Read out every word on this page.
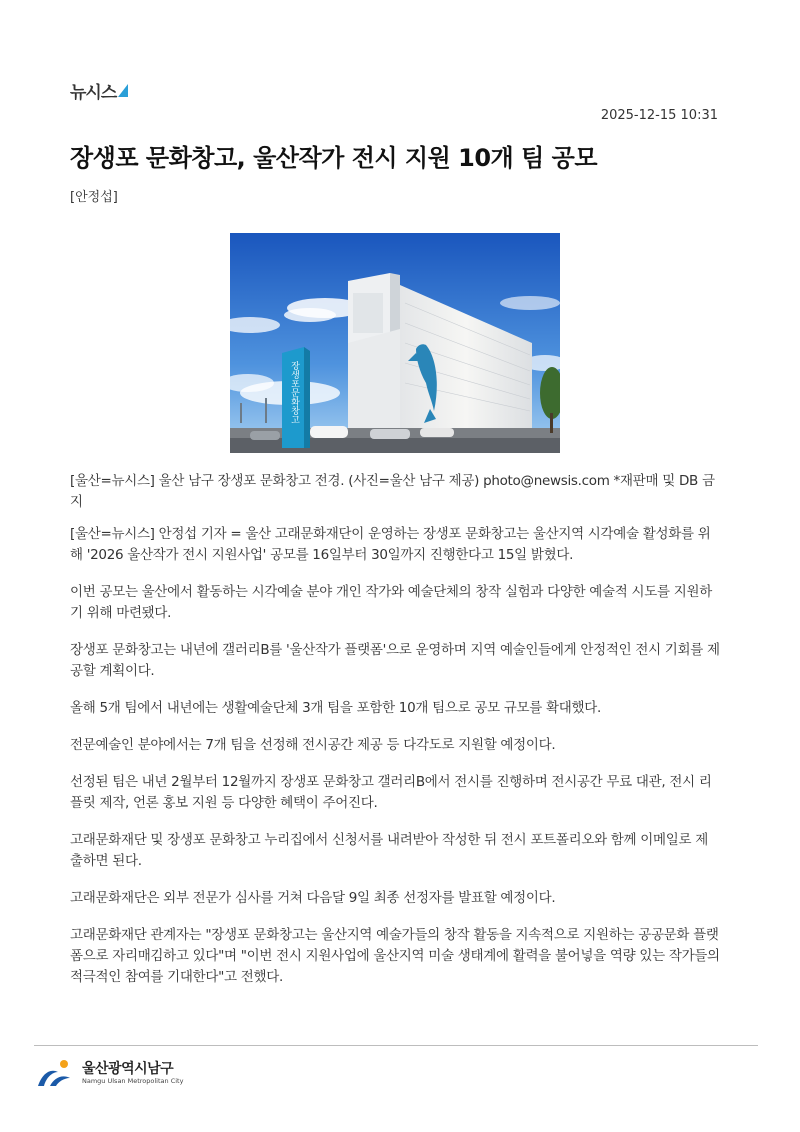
뉴시스
2025-12-15 10:31
장생포 문화창고, 울산작가 전시 지원 10개 팀 공모
[안정섭]
장생포문화창고
[울산=뉴시스] 울산 남구 장생포 문화창고 전경. (사진=울산 남구 제공) photo@newsis.com *재판매 및 DB 금지

[울산=뉴시스] 안정섭 기자 = 울산 고래문화재단이 운영하는 장생포 문화창고는 울산지역 시각예술 활성화를 위해 '2026 울산작가 전시 지원사업' 공모를 16일부터 30일까지 진행한다고 15일 밝혔다.

이번 공모는 울산에서 활동하는 시각예술 분야 개인 작가와 예술단체의 창작 실험과 다양한 예술적 시도를 지원하기 위해 마련됐다.

장생포 문화창고는 내년에 갤러리B를 '울산작가 플랫폼'으로 운영하며 지역 예술인들에게 안정적인 전시 기회를 제공할 계획이다.

올해 5개 팀에서 내년에는 생활예술단체 3개 팀을 포함한 10개 팀으로 공모 규모를 확대했다.

전문예술인 분야에서는 7개 팀을 선정해 전시공간 제공 등 다각도로 지원할 예정이다.

선정된 팀은 내년 2월부터 12월까지 장생포 문화창고 갤러리B에서 전시를 진행하며 전시공간 무료 대관, 전시 리플릿 제작, 언론 홍보 지원 등 다양한 혜택이 주어진다.

고래문화재단 및 장생포 문화창고 누리집에서 신청서를 내려받아 작성한 뒤 전시 포트폴리오와 함께 이메일로 제출하면 된다.

고래문화재단은 외부 전문가 심사를 거쳐 다음달 9일 최종 선정자를 발표할 예정이다.

고래문화재단 관계자는 "장생포 문화창고는 울산지역 예술가들의 창작 활동을 지속적으로 지원하는 공공문화 플랫폼으로 자리매김하고 있다"며 "이번 전시 지원사업에 울산지역 미술 생태계에 활력을 불어넣을 역량 있는 작가들의 적극적인 참여를 기대한다"고 전했다.

울산광역시남구
Namgu Ulsan Metropolitan City
